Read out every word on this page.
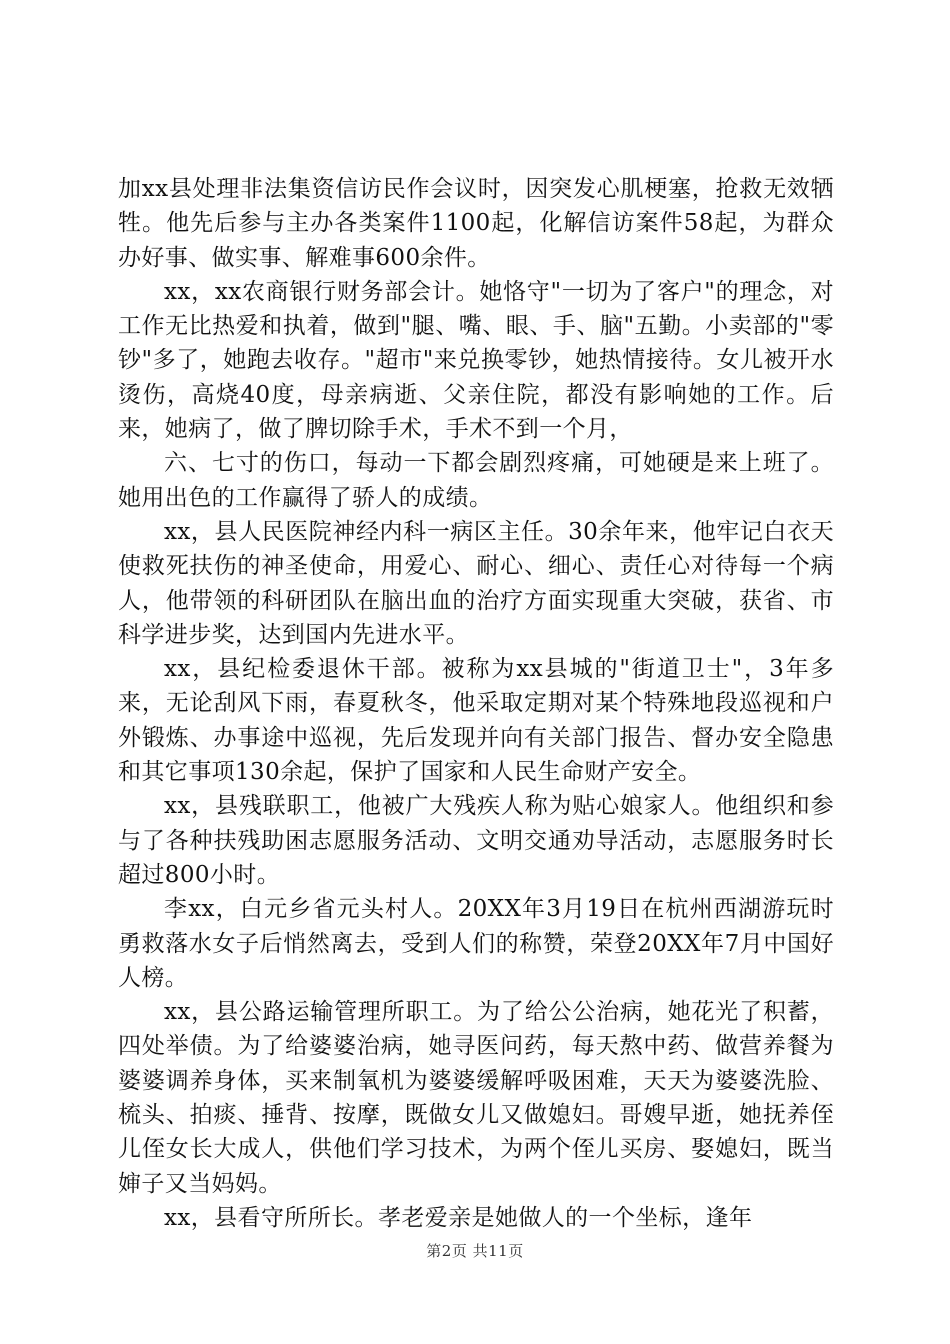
加xx县处理非法集资信访民作会议时，因突发心肌梗塞，抢救无效牺牲。他先后参与主办各类案件1100起，化解信访案件58起，为群众办好事、做实事、解难事600余件。

xx，xx农商银行财务部会计。她恪守"一切为了客户"的理念，对工作无比热爱和执着，做到"腿、嘴、眼、手、脑"五勤。小卖部的"零钞"多了，她跑去收存。"超市"来兑换零钞，她热情接待。女儿被开水烫伤，高烧40度，母亲病逝、父亲住院，都没有影响她的工作。后来，她病了，做了脾切除手术，手术不到一个月，

六、七寸的伤口，每动一下都会剧烈疼痛，可她硬是来上班了。她用出色的工作赢得了骄人的成绩。

xx，县人民医院神经内科一病区主任。30余年来，他牢记白衣天使救死扶伤的神圣使命，用爱心、耐心、细心、责任心对待每一个病人，他带领的科研团队在脑出血的治疗方面实现重大突破，获省、市科学进步奖，达到国内先进水平。

xx，县纪检委退休干部。被称为xx县城的"街道卫士"，3年多来，无论刮风下雨，春夏秋冬，他采取定期对某个特殊地段巡视和户外锻炼、办事途中巡视，先后发现并向有关部门报告、督办安全隐患和其它事项130余起，保护了国家和人民生命财产安全。

xx，县残联职工，他被广大残疾人称为贴心娘家人。他组织和参与了各种扶残助困志愿服务活动、文明交通劝导活动，志愿服务时长超过800小时。

李xx，白元乡省元头村人。20XX年3月19日在杭州西湖游玩时勇救落水女子后悄然离去，受到人们的称赞，荣登20XX年7月中国好人榜。

xx，县公路运输管理所职工。为了给公公治病，她花光了积蓄，四处举债。为了给婆婆治病，她寻医问药，每天熬中药、做营养餐为婆婆调养身体，买来制氧机为婆婆缓解呼吸困难，天天为婆婆洗脸、梳头、拍痰、捶背、按摩，既做女儿又做媳妇。哥嫂早逝，她抚养侄儿侄女长大成人，供他们学习技术，为两个侄儿买房、娶媳妇，既当婶子又当妈妈。

xx，县看守所所长。孝老爱亲是她做人的一个坐标，逢年

第2页 共11页
